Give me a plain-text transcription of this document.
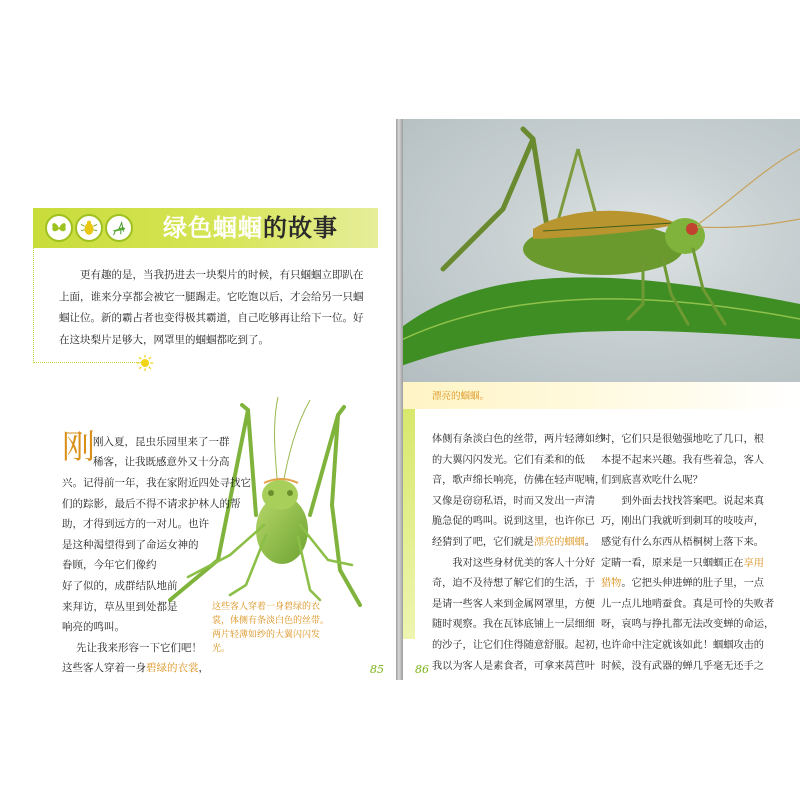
绿色蝈蝈的故事

更有趣的是，当我扔进去一块梨片的时候，有只蝈蝈立即趴在上面，谁来分享都会被它一腿踢走。它吃饱以后，才会给另一只蝈蝈让位。新的霸占者也变得极其霸道，自己吃够再让给下一位。好在这块梨片足够大，网罩里的蝈蝈都吃到了。

刚
刚入夏，昆虫乐园里来了一群
稀客，让我既感意外又十分高
兴。记得前一年，我在家附近四处寻找它
们的踪影，最后不得不请求护林人的帮
助，才得到远方的一对儿。也许
是这种渴望得到了命运女神的
眷顾，今年它们像约
好了似的，成群结队地前
来拜访，草丛里到处都是
响亮的鸣叫。
先让我来形容一下它们吧！
这些客人穿着一身碧绿的衣裳，

这些客人穿着一身碧绿的衣裳，体侧有条淡白色的丝带。两片轻薄如纱的大翼闪闪发光。

85

漂亮的蝈蝈。

86
体侧有条淡白色的丝带，两片轻薄如纱
的大翼闪闪发光。它们有柔和的低
音，歌声绵长响亮，仿佛在轻声呢喃，
又像是窃窃私语，时而又发出一声清
脆急促的鸣叫。说到这里，也许你已
经猜到了吧，它们就是漂亮的蝈蝈。
我对这些身材优美的客人十分好
奇，迫不及待想了解它们的生活，于
是请一些客人来到金属网罩里，方便
随时观察。我在瓦钵底铺上一层细细
的沙子，让它们住得随意舒服。起初，
我以为客人是素食者，可拿来莴苣叶
时，它们只是很勉强地吃了几口，根
本提不起来兴趣。我有些着急，客人
们到底喜欢吃什么呢？
到外面去找找答案吧。说起来真
巧，刚出门我就听到刺耳的吱吱声，
感觉有什么东西从梧桐树上落下来。
定睛一看，原来是一只蝈蝈正在享用
猎物。它把头伸进蝉的肚子里，一点
儿一点儿地啃蚕食。真是可怜的失败者
呀，哀鸣与挣扎都无法改变蝉的命运，
也许命中注定就该如此！蝈蝈攻击的
时候，没有武器的蝉几乎毫无还手之
